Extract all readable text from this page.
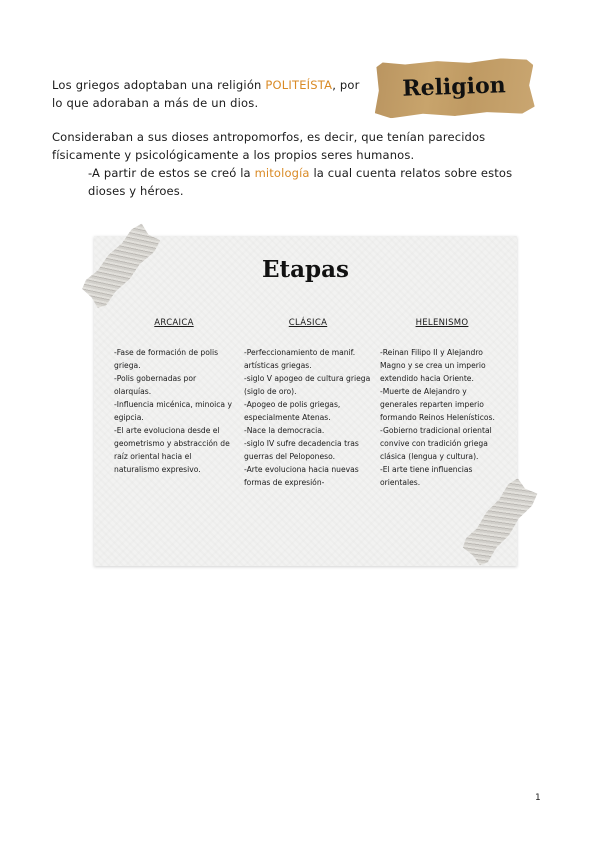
Los griegos adoptaban una religión POLITEÍSTA, por lo que adoraban a más de un dios.
Religion
Consideraban a sus dioses antropomorfos, es decir, que tenían parecidos físicamente y psicológicamente a los propios seres humanos.
-A partir de estos se creó la mitología la cual cuenta relatos sobre estos dioses y héroes.
Etapas
ARCAICA
-Fase de formación de polis griega.
-Polis gobernadas por olarquías.
-Influencia micénica, minoica y egipcia.
-El arte evoluciona desde el geometrismo y abstracción de raíz oriental hacia el naturalismo expresivo.
CLÁSICA
-Perfeccionamiento de manif. artísticas griegas.
-siglo V apogeo de cultura griega (siglo de oro).
-Apogeo de polis griegas, especialmente Atenas.
-Nace la democracia.
-siglo IV sufre decadencia tras guerras del Peloponeso.
-Arte evoluciona hacia nuevas formas de expresión-
HELENISMO
-Reinan Filipo II y Alejandro Magno y se crea un imperio extendido hacia Oriente.
-Muerte de Alejandro y generales reparten imperio formando Reinos Helenísticos.
-Gobierno tradicional oriental convive con tradición griega clásica (lengua y cultura).
-El arte tiene influencias orientales.
1
